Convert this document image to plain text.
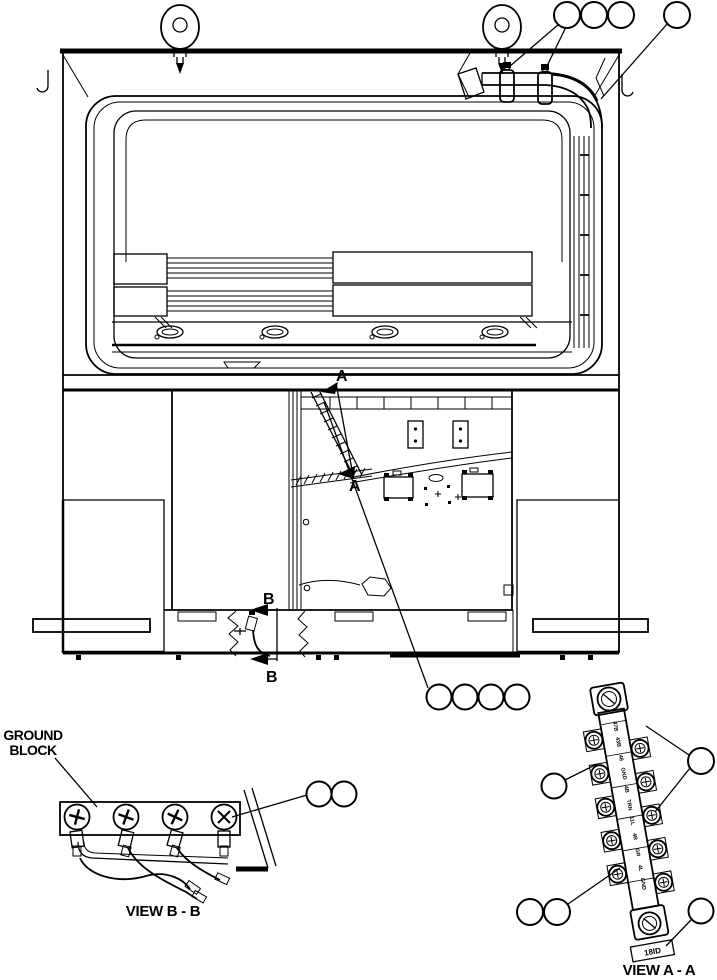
A
A
B
B
GROUND
BLOCK
VIEW B - B
47B
43B
48
GND
4B
TRN
11L
4R
GR
4L
GND
18ID
VIEW A - A
